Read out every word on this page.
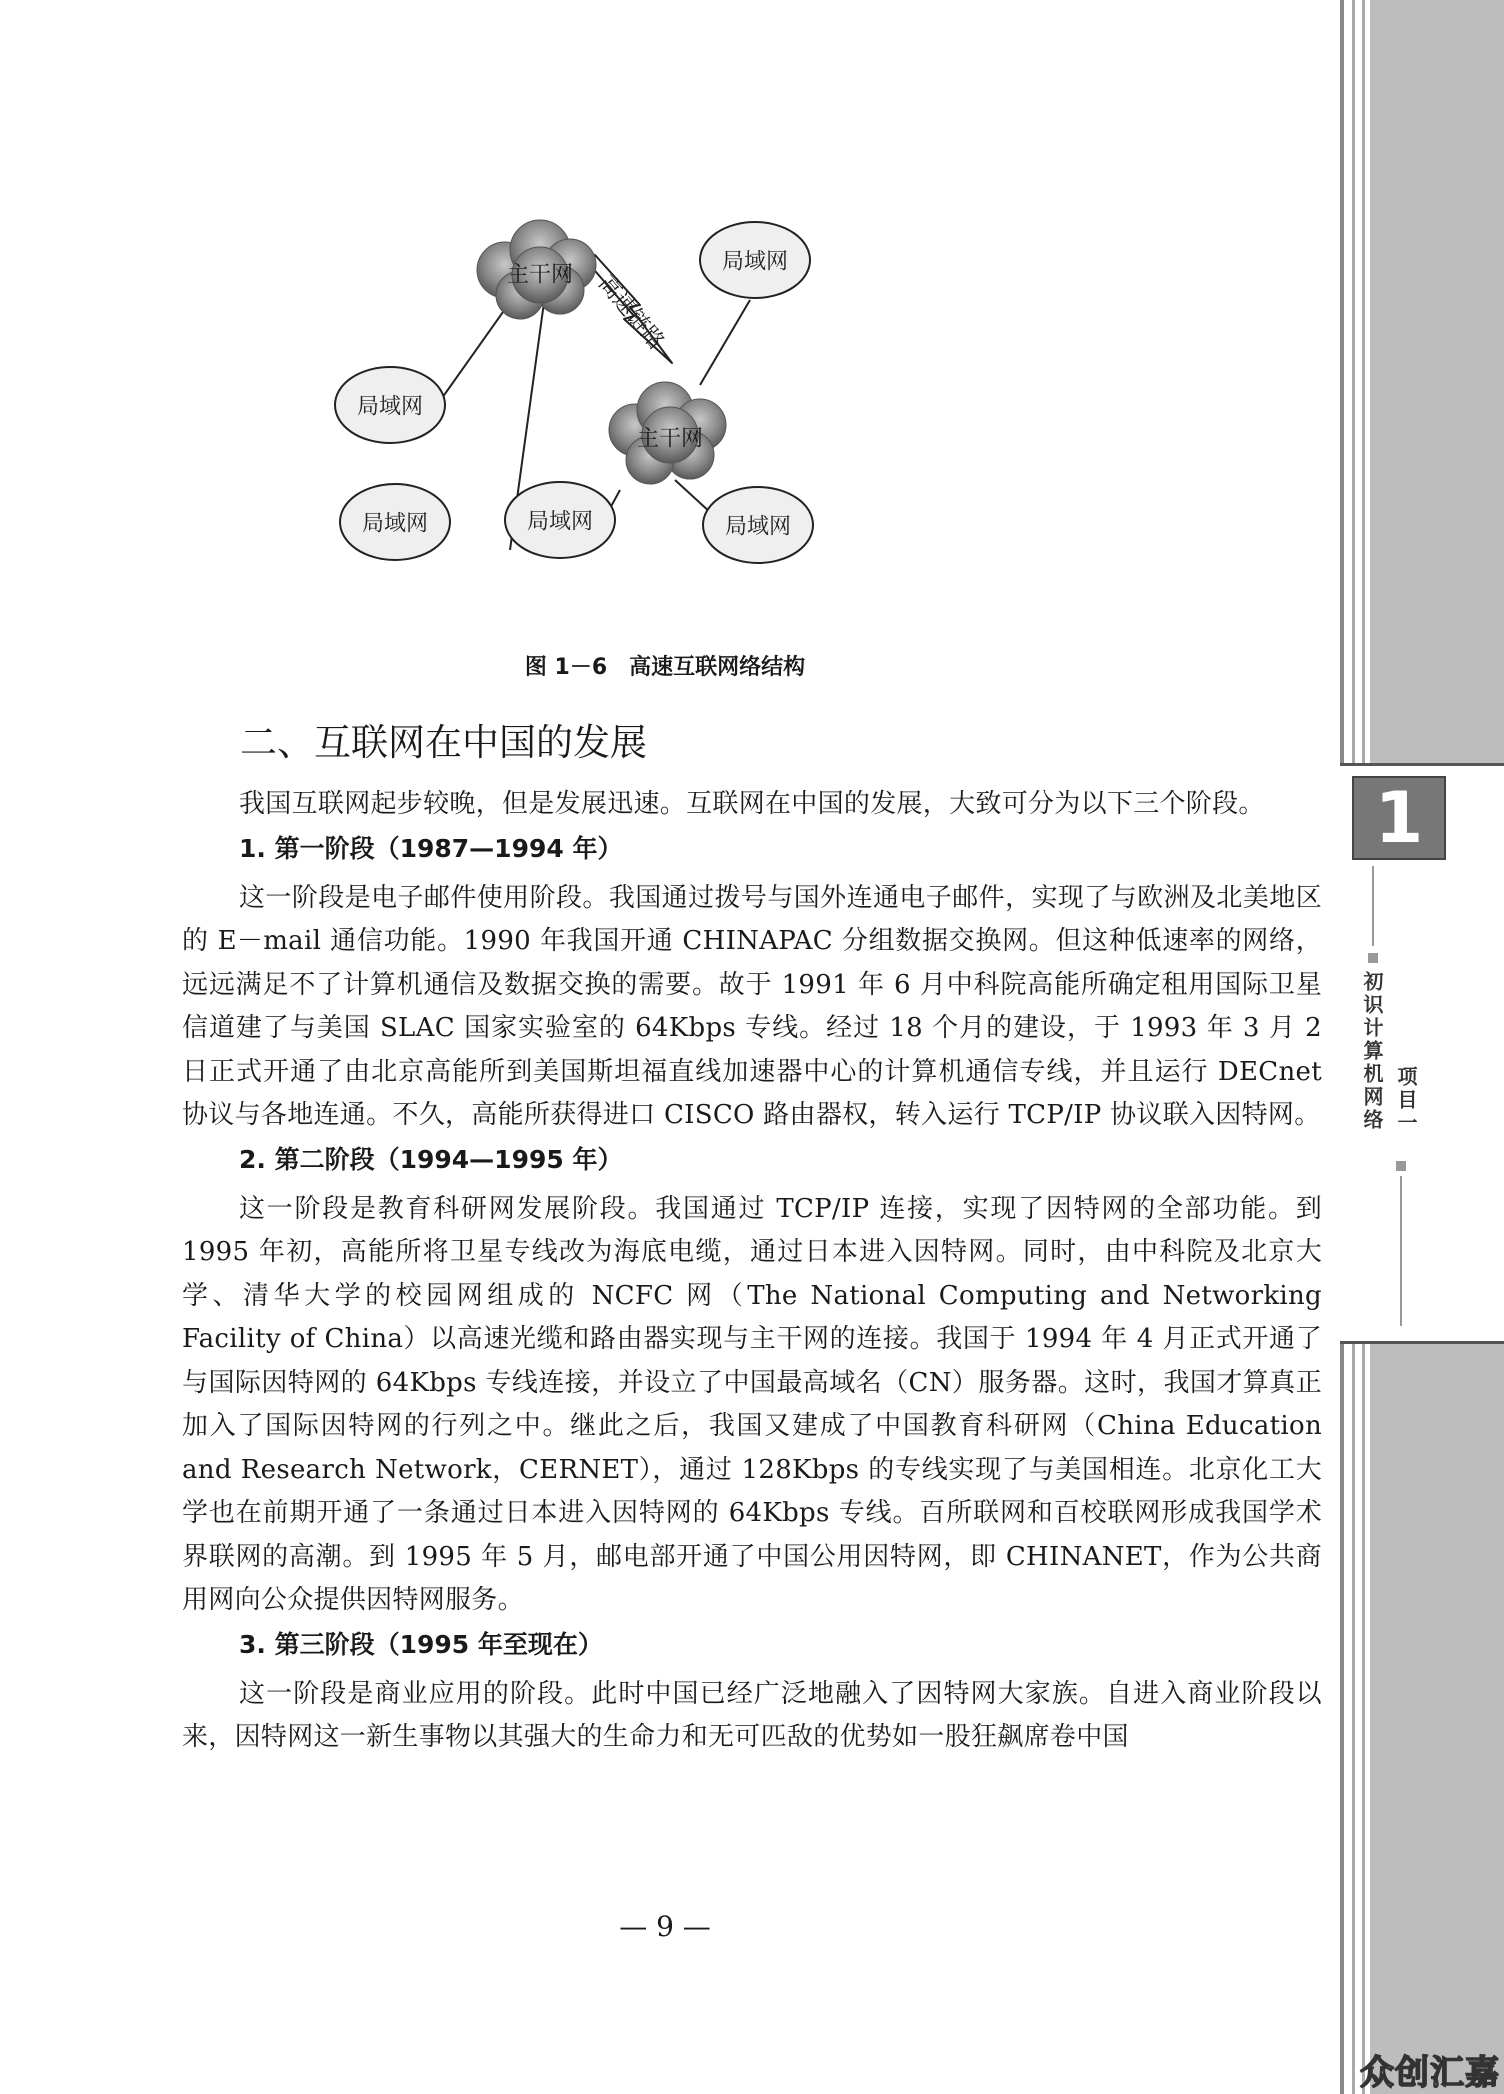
主干网
主干网
局域网
局域网
局域网	局域网	局域网
高速链路
图 1－6　高速互联网络结构
二、互联网在中国的发展

我国互联网起步较晚，但是发展迅速。互联网在中国的发展，大致可分为以下三个阶段。

1. 第一阶段（1987—1994 年）

这一阶段是电子邮件使用阶段。我国通过拨号与国外连通电子邮件，实现了与欧洲及北美地区的 E－mail 通信功能。1990 年我国开通 CHINAPAC 分组数据交换网。但这种低速率的网络，远远满足不了计算机通信及数据交换的需要。故于 1991 年 6 月中科院高能所确定租用国际卫星信道建了与美国 SLAC 国家实验室的 64Kbps 专线。经过 18 个月的建设，于 1993 年 3 月 2 日正式开通了由北京高能所到美国斯坦福直线加速器中心的计算机通信专线，并且运行 DECnet 协议与各地连通。不久，高能所获得进口 CISCO 路由器权，转入运行 TCP/IP 协议联入因特网。

2. 第二阶段（1994—1995 年）

这一阶段是教育科研网发展阶段。我国通过 TCP/IP 连接，实现了因特网的全部功能。到 1995 年初，高能所将卫星专线改为海底电缆，通过日本进入因特网。同时，由中科院及北京大学、清华大学的校园网组成的 NCFC 网（The National Computing and Networking Facility of China）以高速光缆和路由器实现与主干网的连接。我国于 1994 年 4 月正式开通了与国际因特网的 64Kbps 专线连接，并设立了中国最高域名（CN）服务器。这时，我国才算真正加入了国际因特网的行列之中。继此之后，我国又建成了中国教育科研网（China Education and Research Network，CERNET），通过 128Kbps 的专线实现了与美国相连。北京化工大学也在前期开通了一条通过日本进入因特网的 64Kbps 专线。百所联网和百校联网形成我国学术界联网的高潮。到 1995 年 5 月，邮电部开通了中国公用因特网，即 CHINANET，作为公共商用网向公众提供因特网服务。

3. 第三阶段（1995 年至现在）

这一阶段是商业应用的阶段。此时中国已经广泛地融入了因特网大家族。自进入商业阶段以来，因特网这一新生事物以其强大的生命力和无可匹敌的优势如一股狂飙席卷中国

— 9 —
1
初识计算机网络 项目一
众创汇嘉
